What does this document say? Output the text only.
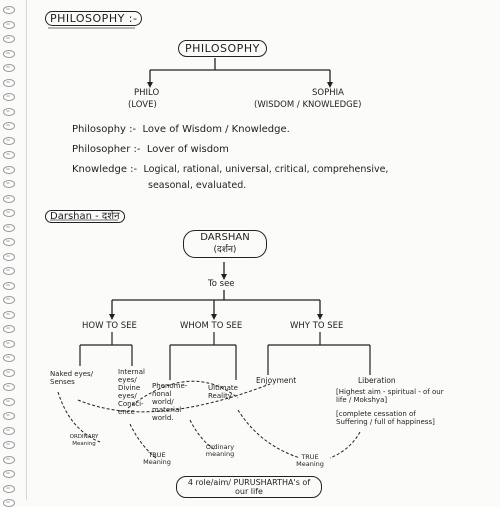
PHILOSOPHY :-
PHILOSOPHY
PHILO
(LOVE)
SOPHIA
(WISDOM / KNOWLEDGE)
Philosophy :- Love of Wisdom / Knowledge.
Philosopher :- Lover of wisdom
Knowledge :- Logical, rational, universal, critical, comprehensive,
seasonal, evaluated.
Darshan - दर्शन
DARSHAN
(दर्शन)
To see
HOW TO SEE	WHOM TO SEE	WHY TO SEE
Naked eyes/ Senses
Internal eyes/ Divine eyes/ Consci- ence
Phenome- nonal world/ material world.
Ultimate Reality
Enjoyment	Liberation
[Highest aim - spiritual - of our life / Mokshya]
[complete cessation of Suffering / full of happiness]
ORDINARY Meaning
TRUE Meaning
Ordinary meaning	TRUE Meaning
4 role/aim/ PURUSHARTHA's of our life
